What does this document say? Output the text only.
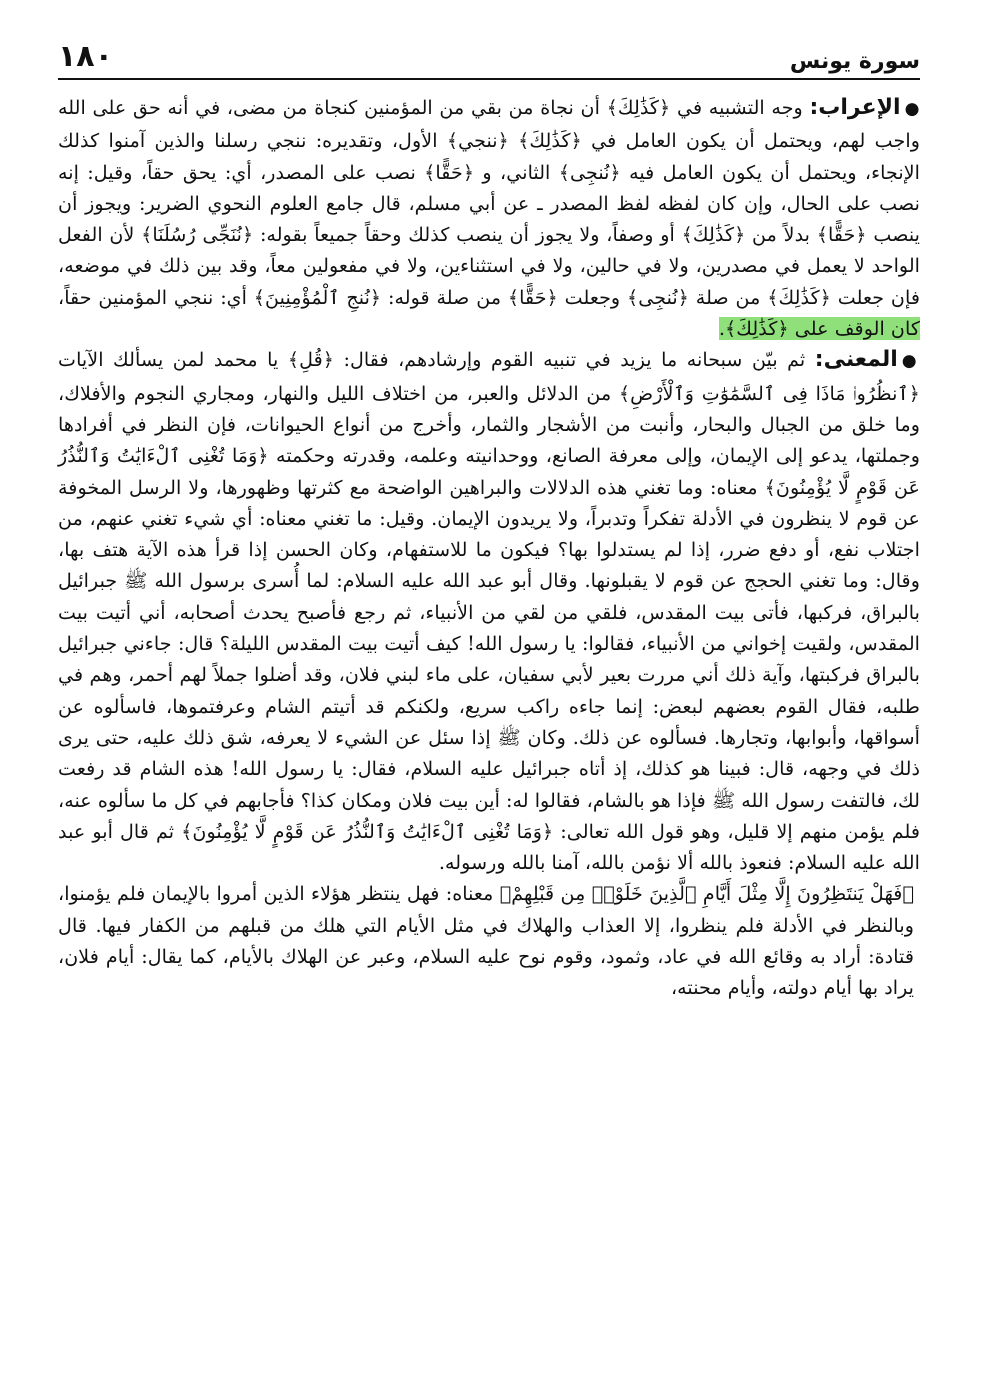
١٨٠	سورة يونس

●الإعراب: وجه التشبيه في ﴿كَذَٰلِكَ﴾ أن نجاة من بقي من المؤمنين كنجاة من مضى، في أنه حق على الله واجب لهم، ويحتمل أن يكون العامل في ﴿كَذَٰلِكَ﴾ ﴿ننجي﴾ الأول، وتقديره: ننجي رسلنا والذين آمنوا كذلك الإنجاء، ويحتمل أن يكون العامل فيه ﴿نُنجِى﴾ الثاني، و ﴿حَقًّا﴾ نصب على المصدر، أي: يحق حقاً، وقيل: إنه نصب على الحال، وإن كان لفظه لفظ المصدر ـ عن أبي مسلم، قال جامع العلوم النحوي الضرير: ويجوز أن ينصب ﴿حَقًّا﴾ بدلاً من ﴿كَذَٰلِكَ﴾ أو وصفاً، ولا يجوز أن ينصب كذلك وحقاً جميعاً بقوله: ﴿نُنَجِّى رُسُلَنَا﴾ لأن الفعل الواحد لا يعمل في مصدرين، ولا في حالين، ولا في استثناءين، ولا في مفعولين معاً، وقد بين ذلك في موضعه، فإن جعلت ﴿كَذَٰلِكَ﴾ من صلة ﴿نُنجِى﴾ وجعلت ﴿حَقًّا﴾ من صلة قوله: ﴿نُنجِ ٱلْمُؤْمِنِينَ﴾ أي: ننجي المؤمنين حقاً، كان الوقف على ﴿كَذَٰلِكَ﴾.

●المعنى: ثم بيّن سبحانه ما يزيد في تنبيه القوم وإرشادهم، فقال: ﴿قُلِ﴾ يا محمد لمن يسألك الآيات ﴿ٱنظُرُوا۟ مَاذَا فِى ٱلسَّمَٰوَٰتِ وَٱلْأَرْضِ﴾ من الدلائل والعبر، من اختلاف الليل والنهار، ومجاري النجوم والأفلاك، وما خلق من الجبال والبحار، وأنبت من الأشجار والثمار، وأخرج من أنواع الحيوانات، فإن النظر في أفرادها وجملتها، يدعو إلى الإيمان، وإلى معرفة الصانع، ووحدانيته وعلمه، وقدرته وحكمته ﴿وَمَا تُغْنِى ٱلْءَايَٰتُ وَٱلنُّذُرُ عَن قَوْمٍ لَّا يُؤْمِنُونَ﴾ معناه: وما تغني هذه الدلالات والبراهين الواضحة مع كثرتها وظهورها، ولا الرسل المخوفة عن قوم لا ينظرون في الأدلة تفكراً وتدبراً، ولا يريدون الإيمان. وقيل: ما تغني معناه: أي شيء تغني عنهم، من اجتلاب نفع، أو دفع ضرر، إذا لم يستدلوا بها؟ فيكون ما للاستفهام، وكان الحسن إذا قرأ هذه الآية هتف بها، وقال: وما تغني الحجج عن قوم لا يقبلونها. وقال أبو عبد الله عليه السلام: لما أُسرى برسول الله ﷺ جبرائيل بالبراق، فركبها، فأتى بيت المقدس، فلقي من لقي من الأنبياء، ثم رجع فأصبح يحدث أصحابه، أني أتيت بيت المقدس، ولقيت إخواني من الأنبياء، فقالوا: يا رسول الله! كيف أتيت بيت المقدس الليلة؟ قال: جاءني جبرائيل بالبراق فركبتها، وآية ذلك أني مررت بعير لأبي سفيان، على ماء لبني فلان، وقد أضلوا جملاً لهم أحمر، وهم في طلبه، فقال القوم بعضهم لبعض: إنما جاءه راكب سريع، ولكنكم قد أتيتم الشام وعرفتموها، فاسألوه عن أسواقها، وأبوابها، وتجارها. فسألوه عن ذلك. وكان ﷺ إذا سئل عن الشيء لا يعرفه، شق ذلك عليه، حتى يرى ذلك في وجهه، قال: فبينا هو كذلك، إذ أتاه جبرائيل عليه السلام، فقال: يا رسول الله! هذه الشام قد رفعت لك، فالتفت رسول الله ﷺ فإذا هو بالشام، فقالوا له: أين بيت فلان ومكان كذا؟ فأجابهم في كل ما سألوه عنه، فلم يؤمن منهم إلا قليل، وهو قول الله تعالى: ﴿وَمَا تُغْنِى ٱلْءَايَٰتُ وَٱلنُّذُرُ عَن قَوْمٍ لَّا يُؤْمِنُونَ﴾ ثم قال أبو عبد الله عليه السلام: فنعوذ بالله ألا نؤمن بالله، آمنا بالله ورسوله.

﴿فَهَلْ يَنتَظِرُونَ إِلَّا مِثْلَ أَيَّامِ ٱلَّذِينَ خَلَوْا۟ مِن قَبْلِهِمْ﴾ معناه: فهل ينتظر هؤلاء الذين أمروا بالإيمان فلم يؤمنوا، وبالنظر في الأدلة فلم ينظروا، إلا العذاب والهلاك في مثل الأيام التي هلك من قبلهم من الكفار فيها. قال قتادة: أراد به وقائع الله في عاد، وثمود، وقوم نوح عليه السلام، وعبر عن الهلاك بالأيام، كما يقال: أيام فلان، يراد بها أيام دولته، وأيام محنته،
